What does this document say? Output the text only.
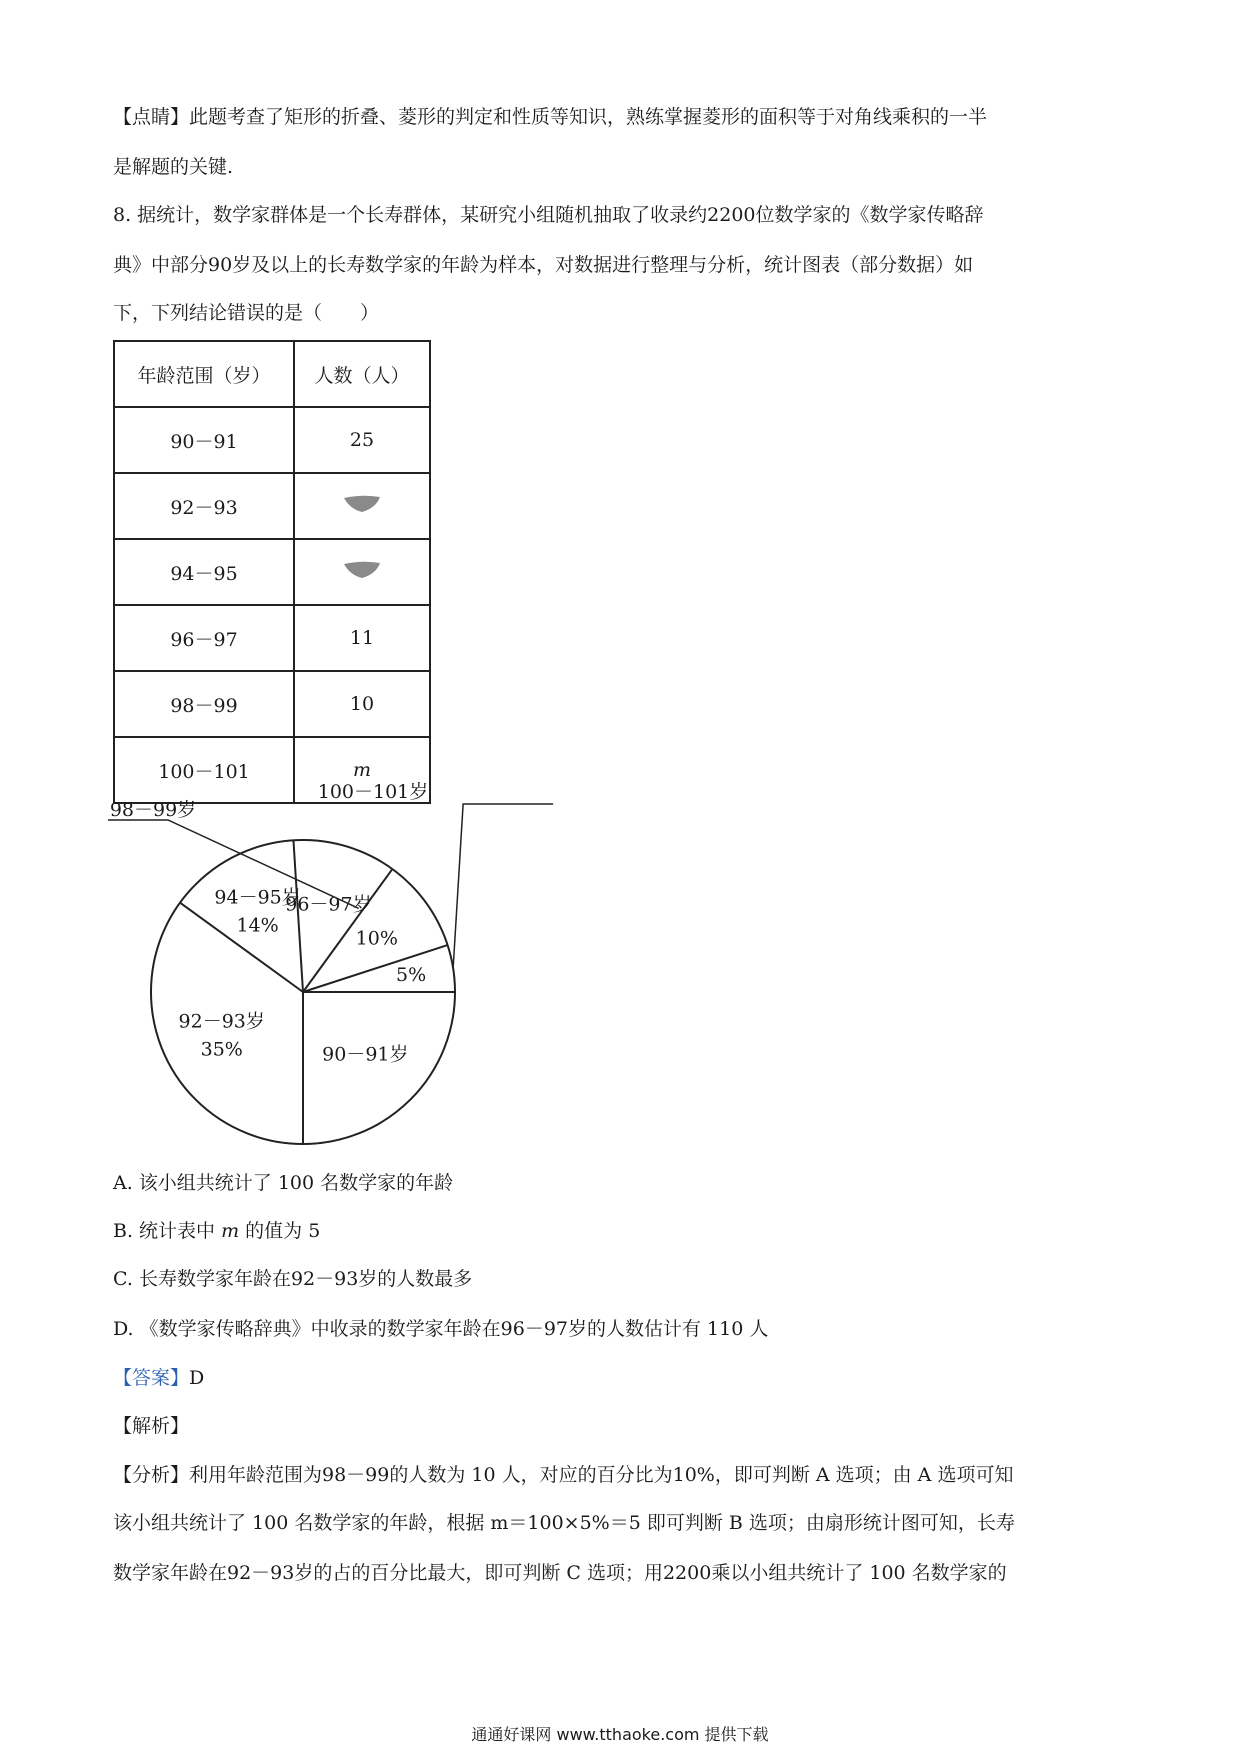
【点睛】此题考查了矩形的折叠、菱形的判定和性质等知识，熟练掌握菱形的面积等于对角线乘积的一半
是解题的关键.
8. 据统计，数学家群体是一个长寿群体，某研究小组随机抽取了收录约2200位数学家的《数学家传略辞
典》中部分90岁及以上的长寿数学家的年龄为样本，对数据进行整理与分析，统计图表（部分数据）如
下，下列结论错误的是（　　）
年龄范围（岁）	人数（人）
90－91	25
92－93	
94－95	
96－97	11
98－99	10
100－101	m
90－91岁
92－93岁
35%
94－95岁
14%
96－97岁
10%
98－99岁
5%
100－101岁
A. 该小组共统计了 100 名数学家的年龄
B. 统计表中 m 的值为 5
C. 长寿数学家年龄在92－93岁的人数最多
D. 《数学家传略辞典》中收录的数学家年龄在96－97岁的人数估计有 110 人
【答案】D
【解析】
【分析】利用年龄范围为98－99的人数为 10 人，对应的百分比为10%，即可判断 A 选项；由 A 选项可知
该小组共统计了 100 名数学家的年龄，根据 m＝100×5%＝5 即可判断 B 选项；由扇形统计图可知，长寿
数学家年龄在92－93岁的占的百分比最大，即可判断 C 选项；用2200乘以小组共统计了 100 名数学家的
通通好课网 www.tthaoke.com 提供下载
